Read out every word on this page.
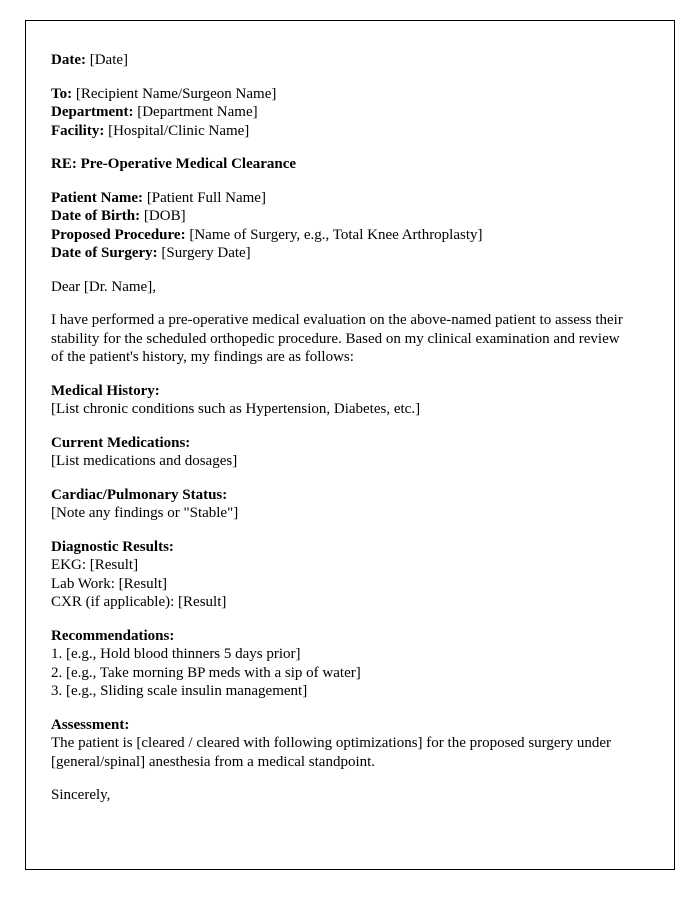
Date: [Date]

To: [Recipient Name/Surgeon Name]

Department: [Department Name]

Facility: [Hospital/Clinic Name]

RE: Pre-Operative Medical Clearance

Patient Name: [Patient Full Name]

Date of Birth: [DOB]

Proposed Procedure: [Name of Surgery, e.g., Total Knee Arthroplasty]

Date of Surgery: [Surgery Date]

Dear [Dr. Name],

I have performed a pre-operative medical evaluation on the above-named patient to assess their stability for the scheduled orthopedic procedure. Based on my clinical examination and review of the patient's history, my findings are as follows:

Medical History:

[List chronic conditions such as Hypertension, Diabetes, etc.]

Current Medications:

[List medications and dosages]

Cardiac/Pulmonary Status:

[Note any findings or "Stable"]

Diagnostic Results:

EKG: [Result]

Lab Work: [Result]

CXR (if applicable): [Result]

Recommendations:

1. [e.g., Hold blood thinners 5 days prior]

2. [e.g., Take morning BP meds with a sip of water]

3. [e.g., Sliding scale insulin management]

Assessment:

The patient is [cleared / cleared with following optimizations] for the proposed surgery under [general/spinal] anesthesia from a medical standpoint.

Sincerely,
